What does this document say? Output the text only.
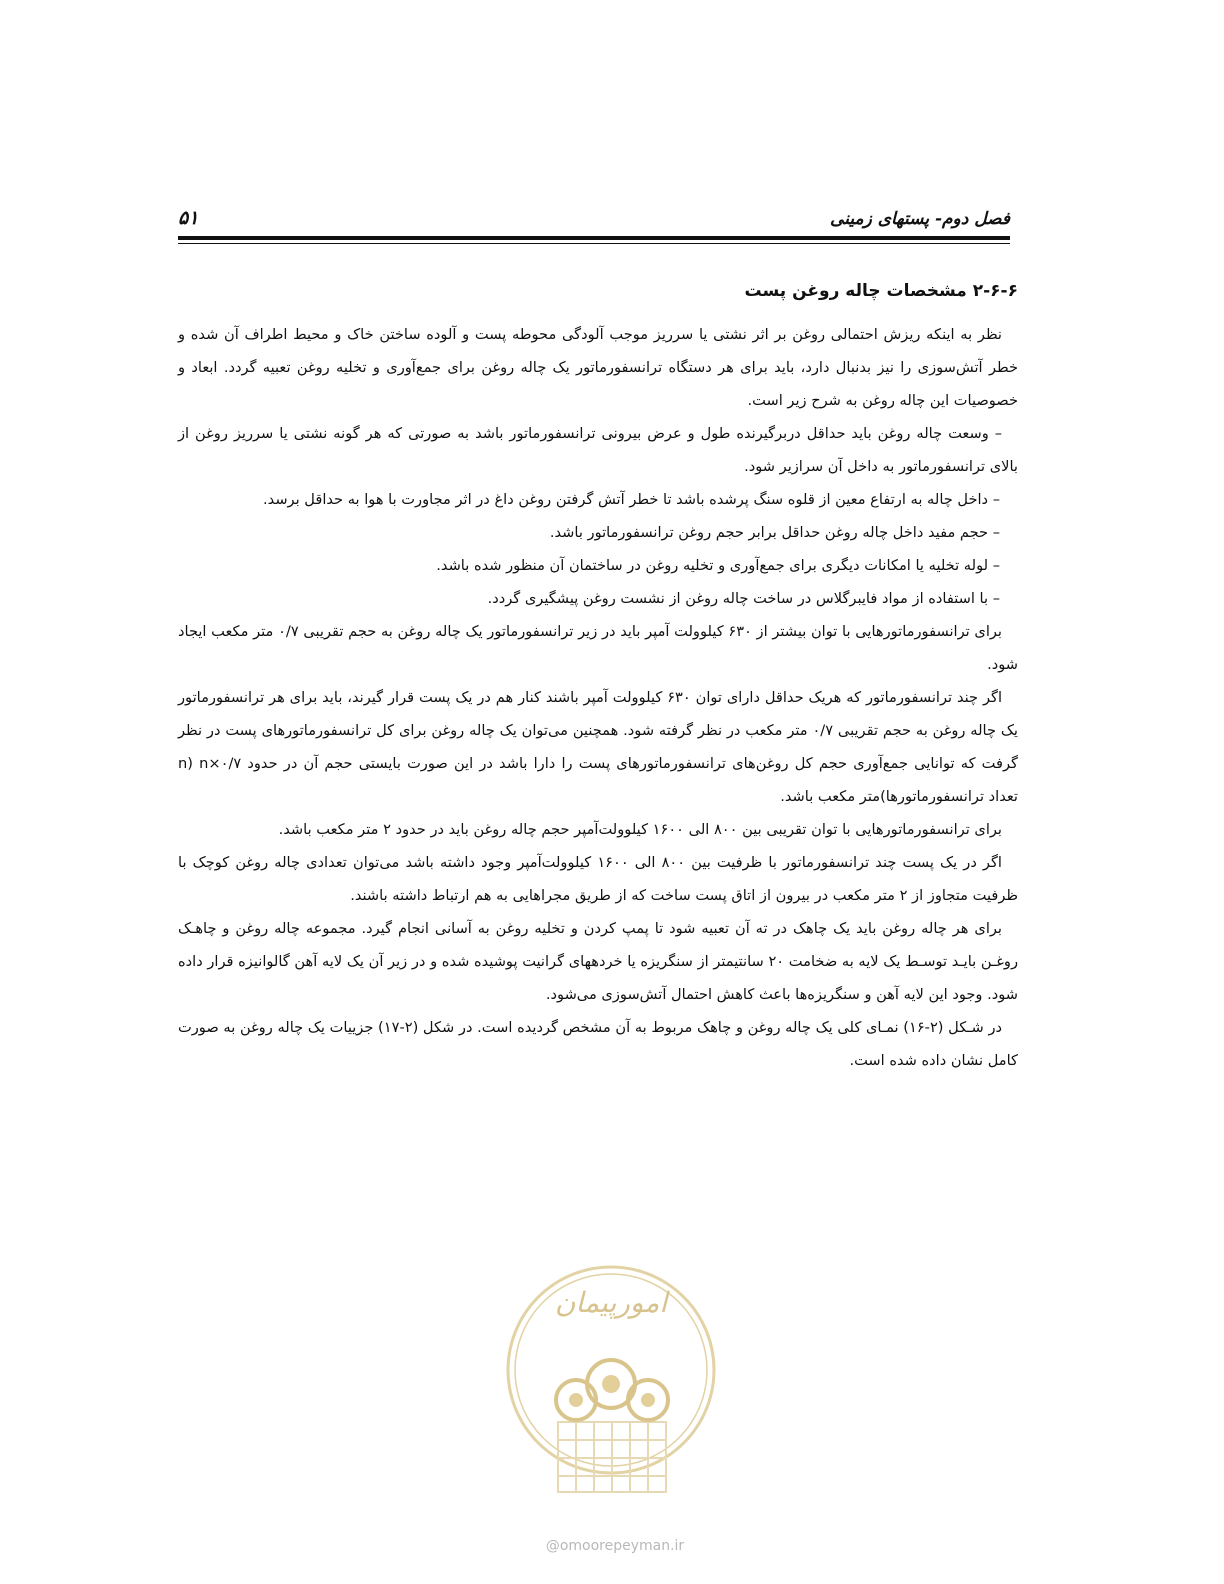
فصل دوم- پستهای زمینی
۵۱
۲-۶-۶ مشخصات چاله روغن پست

نظر به اینکه ریزش احتمالی روغن بر اثر نشتی یا سرریز موجب آلودگی محوطه پست و آلوده ساختن خاک و محیط اطراف آن شده و خطر آتش‌سوزی را نیز بدنبال دارد، باید برای هر دستگاه ترانسفورماتور یک چاله روغن برای جمع‌آوری و تخلیه روغن تعبیه گردد. ابعاد و خصوصیات این چاله روغن به شرح زیر است.

– وسعت چاله روغن باید حداقل دربرگیرنده طول و عرض بیرونی ترانسفورماتور باشد به صورتی که هر گونه نشتی یا سرریز روغن از بالای ترانسفورماتور به داخل آن سرازیر شود.
– داخل چاله به ارتفاع معین از قلوه سنگ پرشده باشد تا خطر آتش گرفتن روغن داغ در اثر مجاورت با هوا به حداقل برسد.
– حجم مفید داخل چاله روغن حداقل برابر حجم روغن ترانسفورماتور باشد.
– لوله تخلیه یا امکانات دیگری برای جمع‌آوری و تخلیه روغن در ساختمان آن منظور شده باشد.
– با استفاده از مواد فایبرگلاس در ساخت چاله روغن از نشست روغن پیشگیری گردد.

برای ترانسفورماتورهایی با توان بیشتر از ۶۳۰ کیلوولت آمپر باید در زیر ترانسفورماتور یک چاله روغن به حجم تقریبی ۰/۷ متر مکعب ایجاد شود.

اگر چند ترانسفورماتور که هریک حداقل دارای توان ۶۳۰ کیلوولت آمپر باشند کنار هم در یک پست قرار گیرند، باید برای هر ترانسفورماتور یک چاله روغن به حجم تقریبی ۰/۷ متر مکعب در نظر گرفته شود. همچنین می‌توان یک چاله روغن برای کل ترانسفورماتورهای پست در نظر گرفت که توانایی جمع‌آوری حجم کل روغن‌های ترانسفورماتورهای پست را دارا باشد در این صورت بایستی حجم آن در حدود n×۰/۷ (n تعداد ترانسفورماتورها)متر مکعب باشد.

برای ترانسفورماتورهایی با توان تقریبی بین ۸۰۰ الی ۱۶۰۰ کیلوولت‌آمپر حجم چاله روغن باید در حدود ۲ متر مکعب باشد.

اگر در یک پست چند ترانسفورماتور با ظرفیت بین ۸۰۰ الی ۱۶۰۰ کیلوولت‌آمپر وجود داشته باشد می‌توان تعدادی چاله روغن کوچک با ظرفیت متجاوز از ۲ متر مکعب در بیرون از اتاق پست ساخت که از طریق مجراهایی به هم ارتباط داشته باشند.

برای هر چاله روغن باید یک چاهک در ته آن تعبیه شود تا پمپ کردن و تخلیه روغن به آسانی انجام گیرد. مجموعه چاله روغن و چاهـک روغـن بایـد توسـط یک لایه به ضخامت ۲۰ سانتیمتر از سنگریزه یا خردههای گرانیت پوشیده شده و در زیر آن یک لایه آهن گالوانیزه قرار داده شود. وجود این لایه آهن و سنگریزه‌ها باعث کاهش احتمال آتش‌سوزی می‌شود.

در شـکل (۲-۱۶) نمـای کلی یک چاله روغن و چاهک مربوط به آن مشخص گردیده است. در شکل (۲-۱۷) جزییات یک چاله روغن به صورت کامل نشان داده شده است.

امورپیمان
@omoorepeyman.ir
